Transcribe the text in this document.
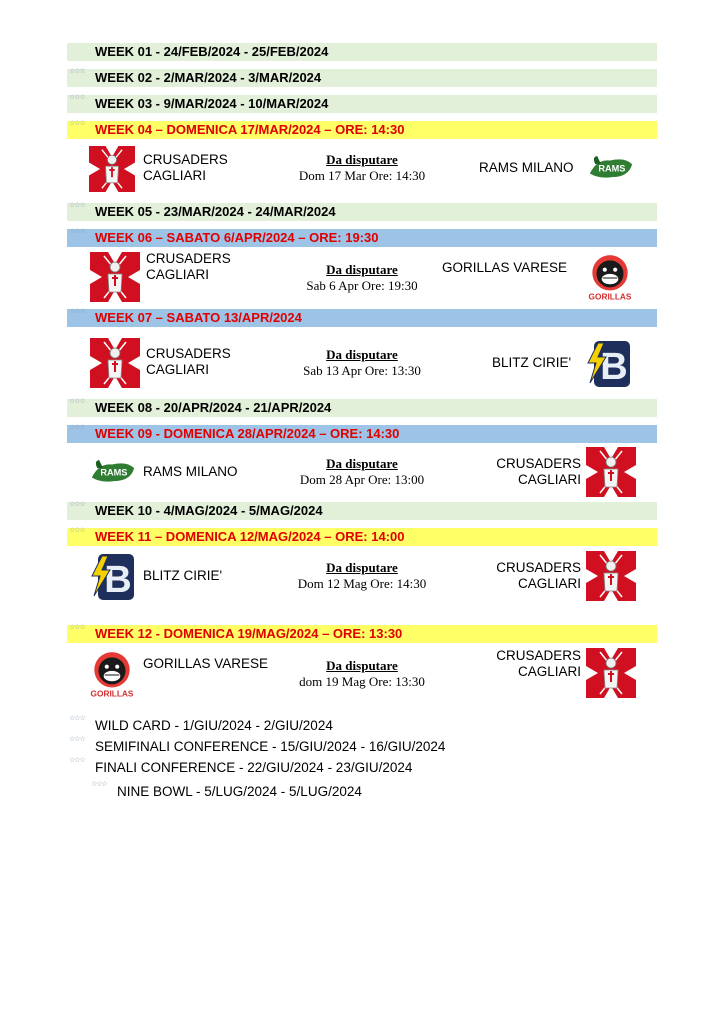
WEEK 01 - 24/FEB/2024 - 25/FEB/2024
☆☆☆ WEEK 02 - 2/MAR/2024 - 3/MAR/2024
☆☆☆ WEEK 03 - 9/MAR/2024 - 10/MAR/2024
☆☆☆ WEEK 04 – DOMENICA 17/MAR/2024 – ORE: 14:30
CRUSADERS
CAGLIARI
Da disputare
Dom 17 Mar Ore: 14:30
RAMS MILANO
☆☆☆ WEEK 05 - 23/MAR/2024 - 24/MAR/2024
☆☆☆ WEEK 06 – SABATO 6/APR/2024 – ORE: 19:30
CRUSADERS
CAGLIARI	Da disputare
Sab 6 Apr Ore: 19:30
GORILLAS VARESE
☆☆☆ WEEK 07 – SABATO 13/APR/2024
CRUSADERS
CAGLIARI
Da disputare
Sab 13 Apr Ore: 13:30
BLITZ CIRIE'
☆☆☆ WEEK 08 - 20/APR/2024 - 21/APR/2024
☆☆☆ WEEK 09 - DOMENICA 28/APR/2024 – ORE: 14:30
RAMS MILANO
Da disputare
Dom 28 Apr Ore: 13:00
CRUSADERS
CAGLIARI
☆☆☆ WEEK 10 - 4/MAG/2024 - 5/MAG/2024
☆☆☆ WEEK 11 – DOMENICA 12/MAG/2024 – ORE: 14:00
BLITZ CIRIE'
Da disputare
Dom 12 Mag Ore: 14:30
CRUSADERS
CAGLIARI
☆☆☆ WEEK 12 - DOMENICA 19/MAG/2024 – ORE: 13:30
GORILLAS VARESE	Da disputare
dom 19 Mag Ore: 13:30
CRUSADERS
CAGLIARI
☆☆☆ WILD CARD - 1/GIU/2024 - 2/GIU/2024
☆☆☆ SEMIFINALI CONFERENCE - 15/GIU/2024 - 16/GIU/2024
☆☆☆ FINALI CONFERENCE - 22/GIU/2024 - 23/GIU/2024
☆☆☆ NINE BOWL - 5/LUG/2024 - 5/LUG/2024
